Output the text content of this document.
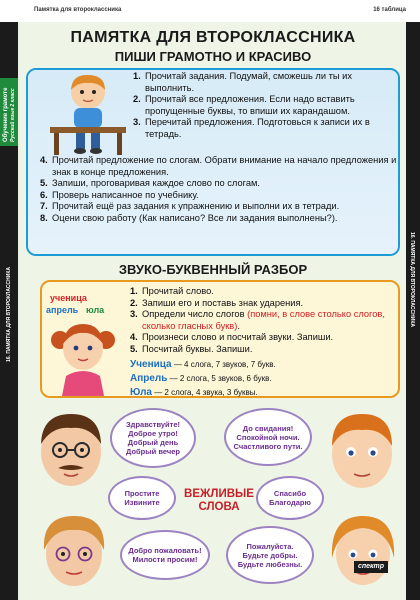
Памятка для второклассника	16 таблица
Обучение грамоте Русский язык 2 класс
16. ПАМЯТКА ДЛЯ ВТОРОКЛАССНИКА	16. ПАМЯТКА ДЛЯ ВТОРОКЛАССНИКА
ПАМЯТКА ДЛЯ ВТОРОКЛАССНИКА
ПИШИ ГРАМОТНО И КРАСИВО
1. Прочитай задания. Подумай, сможешь ли ты их выполнить.
2. Прочитай все предложения. Если надо вставить пропущенные буквы, то впиши их карандашом.
3. Перечитай предложения. Подготовься к записи их в тетрадь.
4. Прочитай предложение по слогам. Обрати внимание на начало предложения и знак в конце предложения.
5. Запиши, проговаривая каждое слово по слогам.
6. Проверь написанное по учебнику.
7. Прочитай ещё раз задания к упражнению и выполни их в тетради.
8. Оцени свою работу (Как написано? Все ли задания выполнены?).
ЗВУКО-БУКВЕННЫЙ РАЗБОР
ученица
апрель юла
1. Прочитай слово.
2. Запиши его и поставь знак ударения.
3. Определи число слогов (помни, в слове столько слогов, сколько гласных букв).
4. Произнеси слово и посчитай звуки. Запиши.
5. Посчитай буквы. Запиши.
Ученица — 4 слога, 7 звуков, 7 букв.
Апрель — 2 слога, 5 звуков, 6 букв.
Юла — 2 слога, 4 звука, 3 буквы.
Здравствуйте!
Доброе утро!
Добрый день
Добрый вечер
До свидания!
Спокойной ночи.
Счастливого пути.
Простите
Извините
Спасибо
Благодарю
ВЕЖЛИВЫЕ СЛОВА
Добро пожаловать!
Милости просим!
Пожалуйста.
Будьте добры.
Будьте любезны.	спектр
